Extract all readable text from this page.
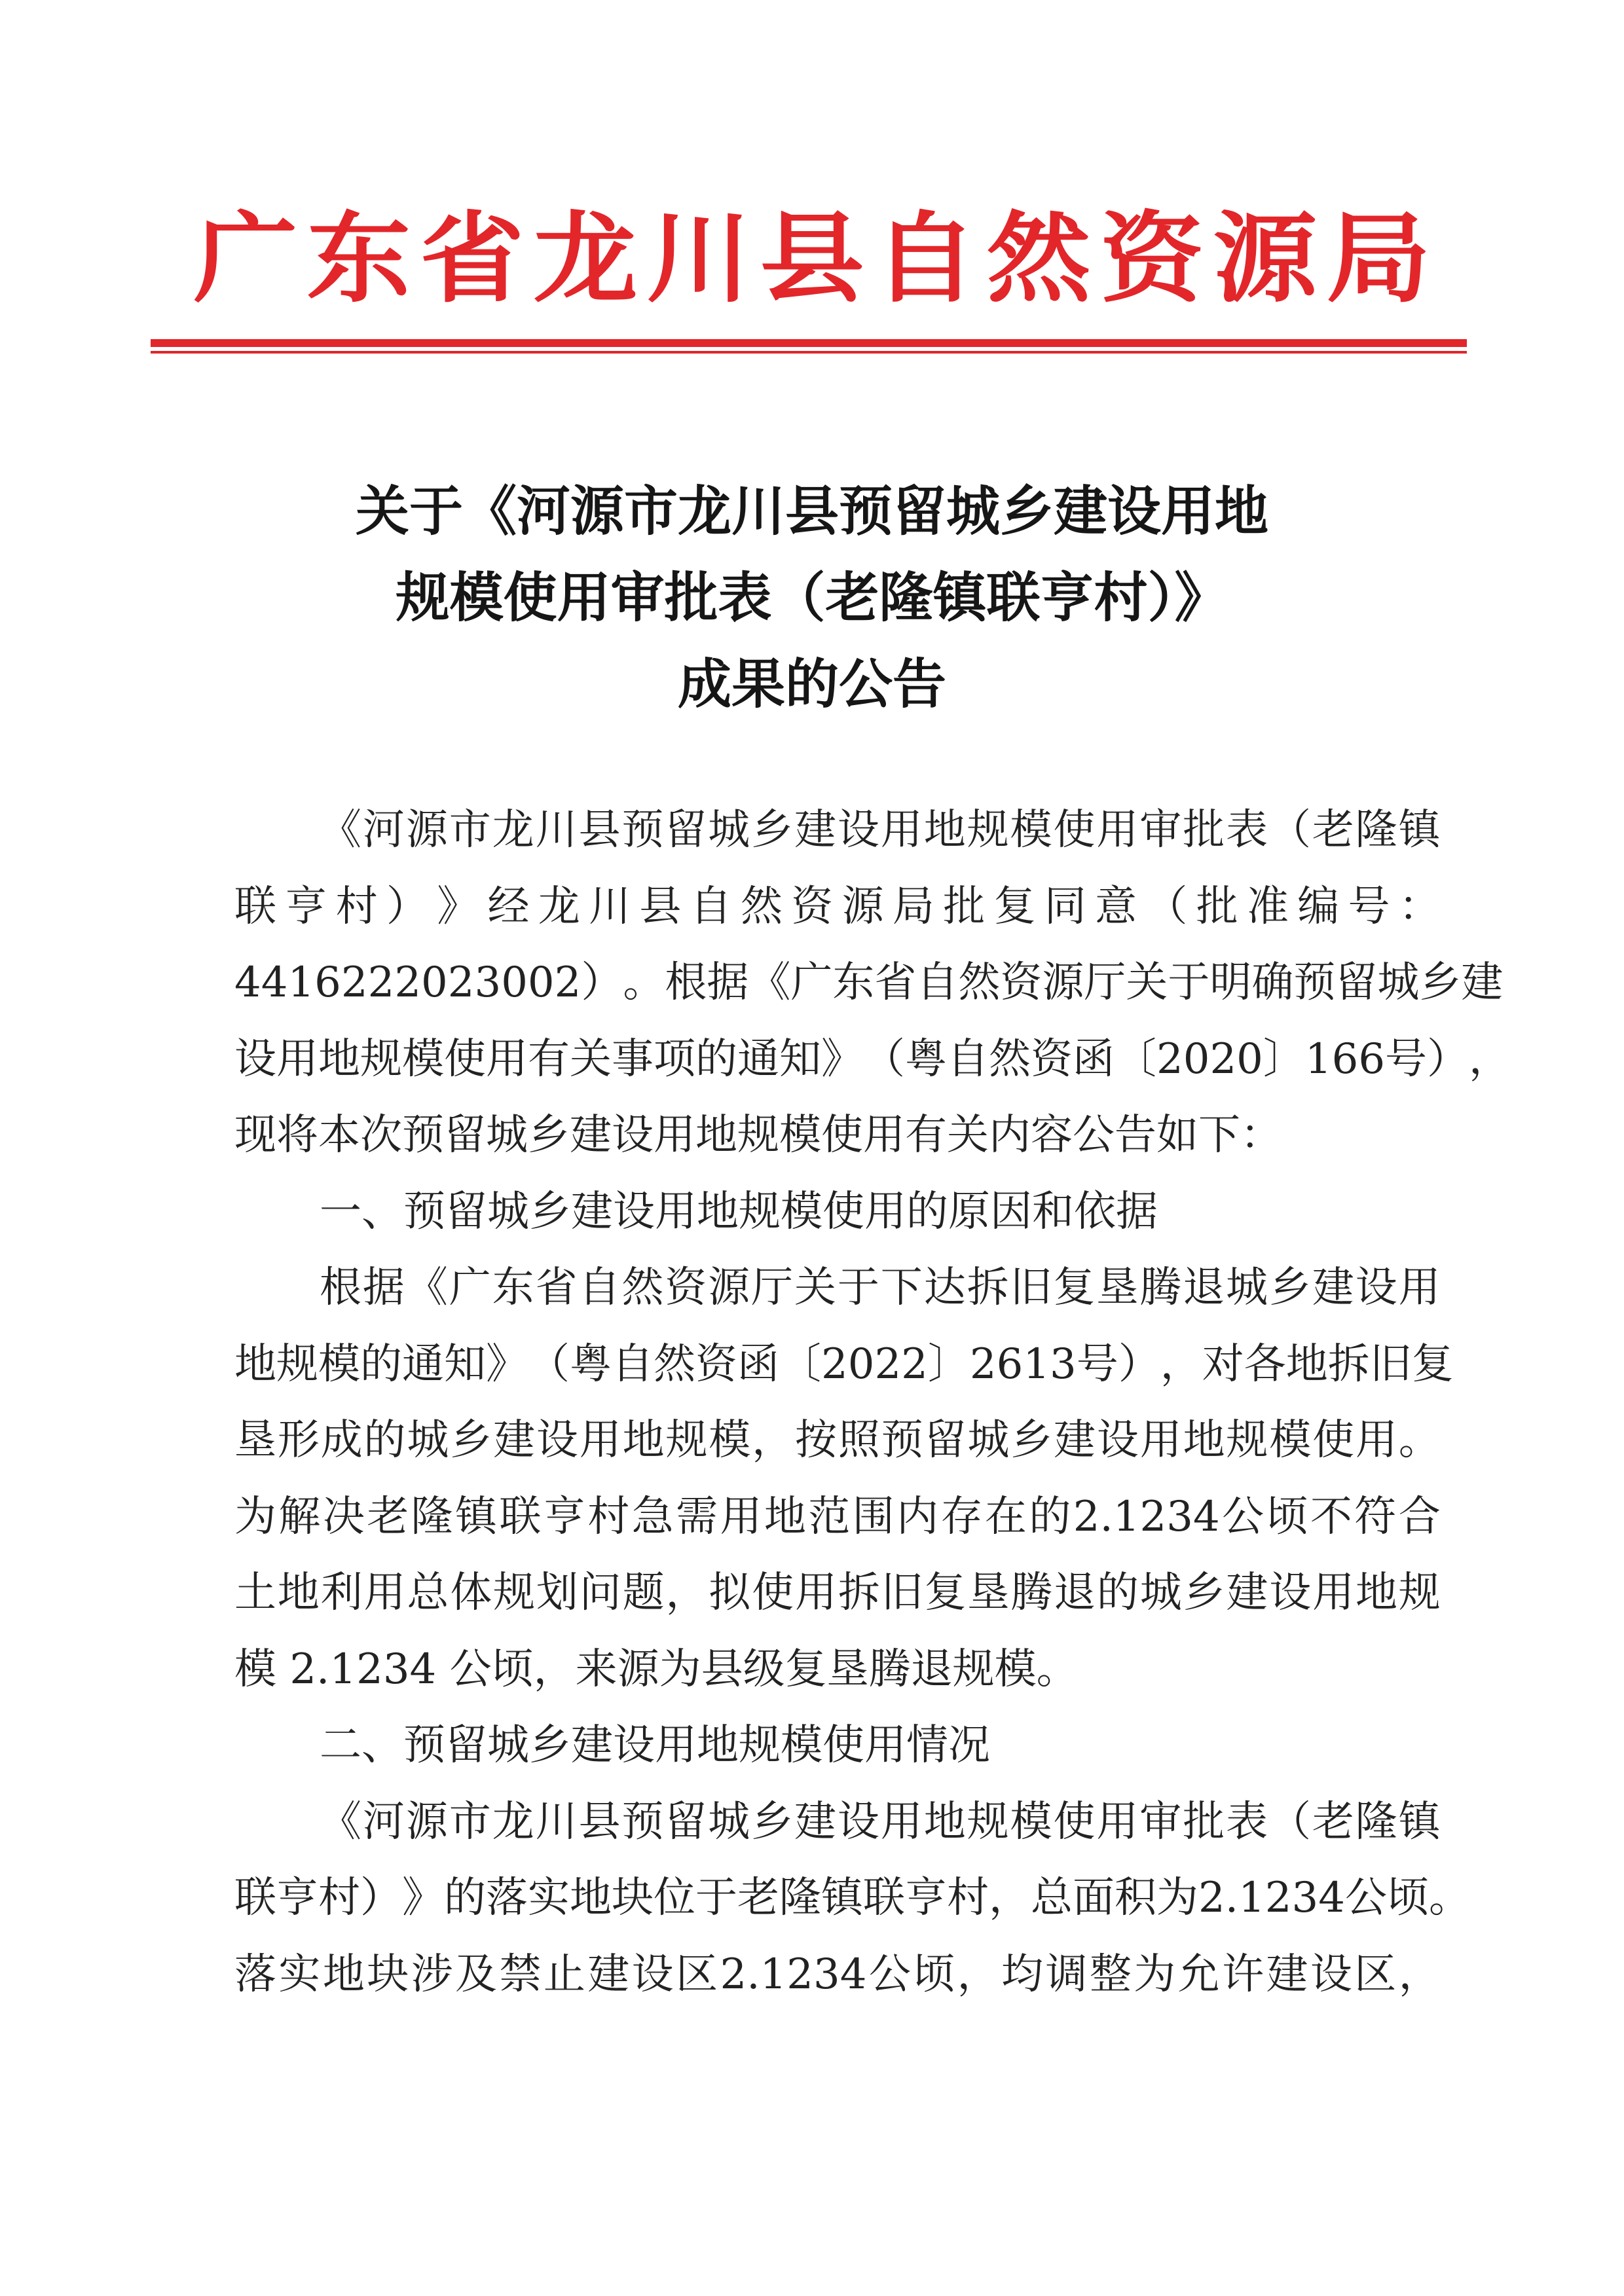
广 东 省 龙 川 县 自 然 资 源 局
关于《河源市龙川县预留城乡建设用地
规模使用审批表（老隆镇联亨村）》
成果的公告
《 河 源 市 龙 川 县 预 留 城 乡 建 设 用 地 规 模 使 用 审 批 表 （ 老 隆 镇
联 亨 村 ） 》 经 龙 川 县 自 然 资 源 局 批 复 同 意 （ 批 准 编 号 ：
4416222023002 ） 。 根 据 《 广 东 省 自 然 资 源 厅 关 于 明 确 预 留 城 乡 建
设 用 地 规 模 使 用 有 关 事 项 的 通 知 》 （ 粤 自 然 资 函 〔 2020 〕 166 号 ） ，
现将本次预留城乡建设用地规模使用有关内容公告如下：
一、预留城乡建设用地规模使用的原因和依据
根 据 《 广 东 省 自 然 资 源 厅 关 于 下 达 拆 旧 复 垦 腾 退 城 乡 建 设 用
地 规 模 的 通 知 》 （ 粤 自 然 资 函 〔 2022 〕 2613 号 ） ， 对 各 地 拆 旧 复
垦 形 成 的 城 乡 建 设 用 地 规 模 ， 按 照 预 留 城 乡 建 设 用 地 规 模 使 用 。
为 解 决 老 隆 镇 联 亨 村 急 需 用 地 范 围 内 存 在 的 2.1234 公 顷 不 符 合
土 地 利 用 总 体 规 划 问 题 ， 拟 使 用 拆 旧 复 垦 腾 退 的 城 乡 建 设 用 地 规
模 2.1234 公顷，来源为县级复垦腾退规模。
二、预留城乡建设用地规模使用情况
《 河 源 市 龙 川 县 预 留 城 乡 建 设 用 地 规 模 使 用 审 批 表 （ 老 隆 镇
联 亨 村 ） 》 的 落 实 地 块 位 于 老 隆 镇 联 亨 村 ， 总 面 积 为 2.1234 公 顷 。
落 实 地 块 涉 及 禁 止 建 设 区 2.1234 公 顷 ， 均 调 整 为 允 许 建 设 区 ，
